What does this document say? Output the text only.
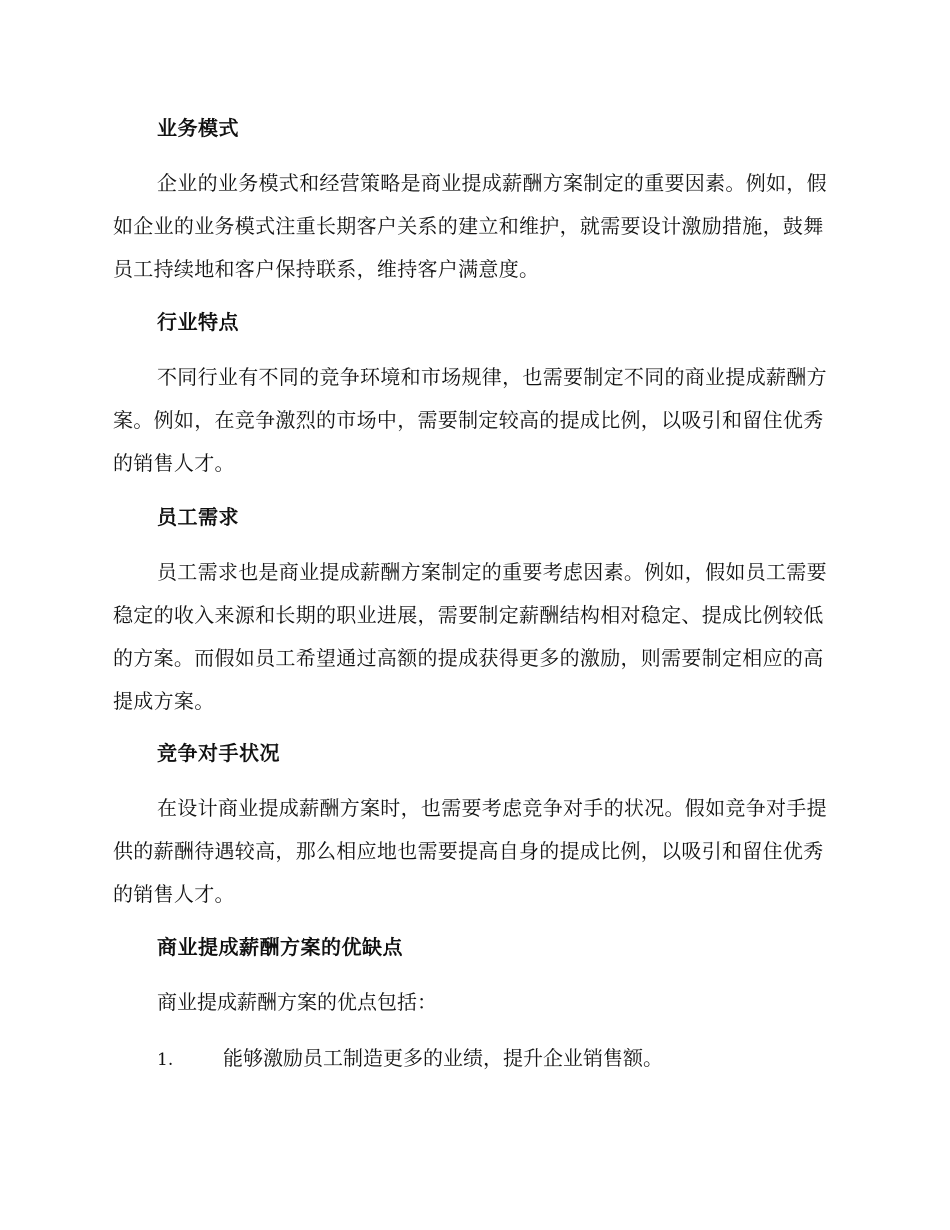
业务模式

企业的业务模式和经营策略是商业提成薪酬方案制定的重要因素。例如，假如企业的业务模式注重长期客户关系的建立和维护，就需要设计激励措施，鼓舞员工持续地和客户保持联系，维持客户满意度。

行业特点

不同行业有不同的竞争环境和市场规律，也需要制定不同的商业提成薪酬方案。例如，在竞争激烈的市场中，需要制定较高的提成比例，以吸引和留住优秀的销售人才。

员工需求

员工需求也是商业提成薪酬方案制定的重要考虑因素。例如，假如员工需要稳定的收入来源和长期的职业进展，需要制定薪酬结构相对稳定、提成比例较低的方案。而假如员工希望通过高额的提成获得更多的激励，则需要制定相应的高提成方案。

竞争对手状况

在设计商业提成薪酬方案时，也需要考虑竞争对手的状况。假如竞争对手提供的薪酬待遇较高，那么相应地也需要提高自身的提成比例，以吸引和留住优秀的销售人才。

商业提成薪酬方案的优缺点

商业提成薪酬方案的优点包括：

1. 能够激励员工制造更多的业绩，提升企业销售额。
